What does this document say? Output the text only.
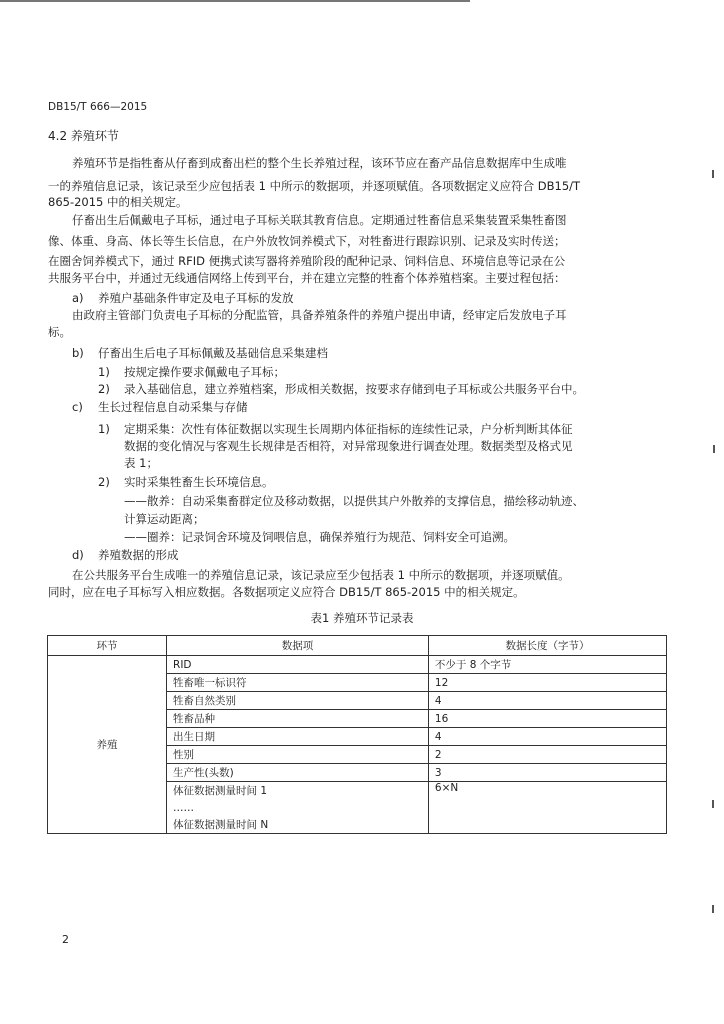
DB15/T 666—2015
4.2 养殖环节
养殖环节是指牲畜从仔畜到成畜出栏的整个生长养殖过程，该环节应在畜产品信息数据库中生成唯
一的养殖信息记录，该记录至少应包括表 1 中所示的数据项，并逐项赋值。各项数据定义应符合 DB15/T
865-2015 中的相关规定。
仔畜出生后佩戴电子耳标，通过电子耳标关联其教育信息。定期通过牲畜信息采集装置采集牲畜图
像、体重、身高、体长等生长信息，在户外放牧饲养模式下，对牲畜进行跟踪识别、记录及实时传送；
在圈舍饲养模式下，通过 RFID 便携式读写器将养殖阶段的配种记录、饲料信息、环境信息等记录在公
共服务平台中，并通过无线通信网络上传到平台，并在建立完整的牲畜个体养殖档案。主要过程包括：
a) 养殖户基础条件审定及电子耳标的发放
由政府主管部门负责电子耳标的分配监管，具备养殖条件的养殖户提出申请，经审定后发放电子耳
标。
b) 仔畜出生后电子耳标佩戴及基础信息采集建档
1) 按规定操作要求佩戴电子耳标；
2) 录入基础信息，建立养殖档案，形成相关数据，按要求存储到电子耳标或公共服务平台中。
c) 生长过程信息自动采集与存储
1) 定期采集：次性有体征数据以实现生长周期内体征指标的连续性记录，户分析判断其体征
数据的变化情况与客观生长规律是否相符，对异常现象进行调查处理。数据类型及格式见
表 1；
2) 实时采集牲畜生长环境信息。
——散养：自动采集畜群定位及移动数据，以提供其户外散养的支撑信息，描绘移动轨迹、
计算运动距离；
——圈养：记录饲舍环境及饲喂信息，确保养殖行为规范、饲料安全可追溯。
d) 养殖数据的形成
在公共服务平台生成唯一的养殖信息记录，该记录应至少包括表 1 中所示的数据项，并逐项赋值。
同时，应在电子耳标写入相应数据。各数据项定义应符合 DB15/T 865-2015 中的相关规定。
表1 养殖环节记录表
环节	数据项	数据长度（字节）
养殖	RID	不少于 8 个字节
	牲畜唯一标识符	12
	牲畜自然类别	4
	牲畜品种	16
	出生日期	4
	性别	2
	生产性(头数)	3
	体征数据测量时间 1	6×N
	……	
	体征数据测量时间 N	
2
